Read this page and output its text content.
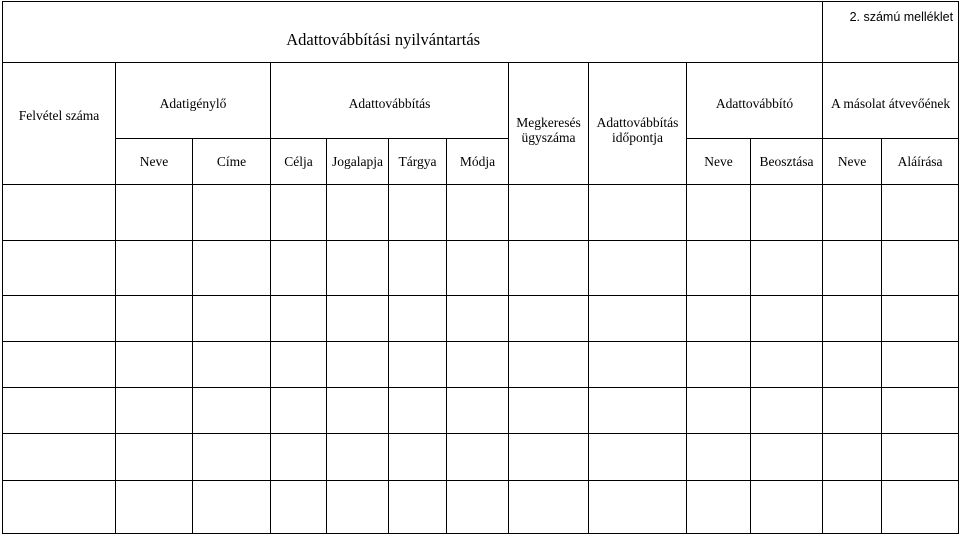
Adattovábbítási nyilvántartás											2. számú melléklet	
Felvétel száma	Adatigénylő		Adattovábbítás				Megkeresés ügyszáma	Adattovábbítás időpontja	Adattovábbító		A másolat átvevőének	
	Neve	Címe	Célja	Jogalapja	Tárgya	Módja			Neve	Beosztása	Neve	Aláírása
